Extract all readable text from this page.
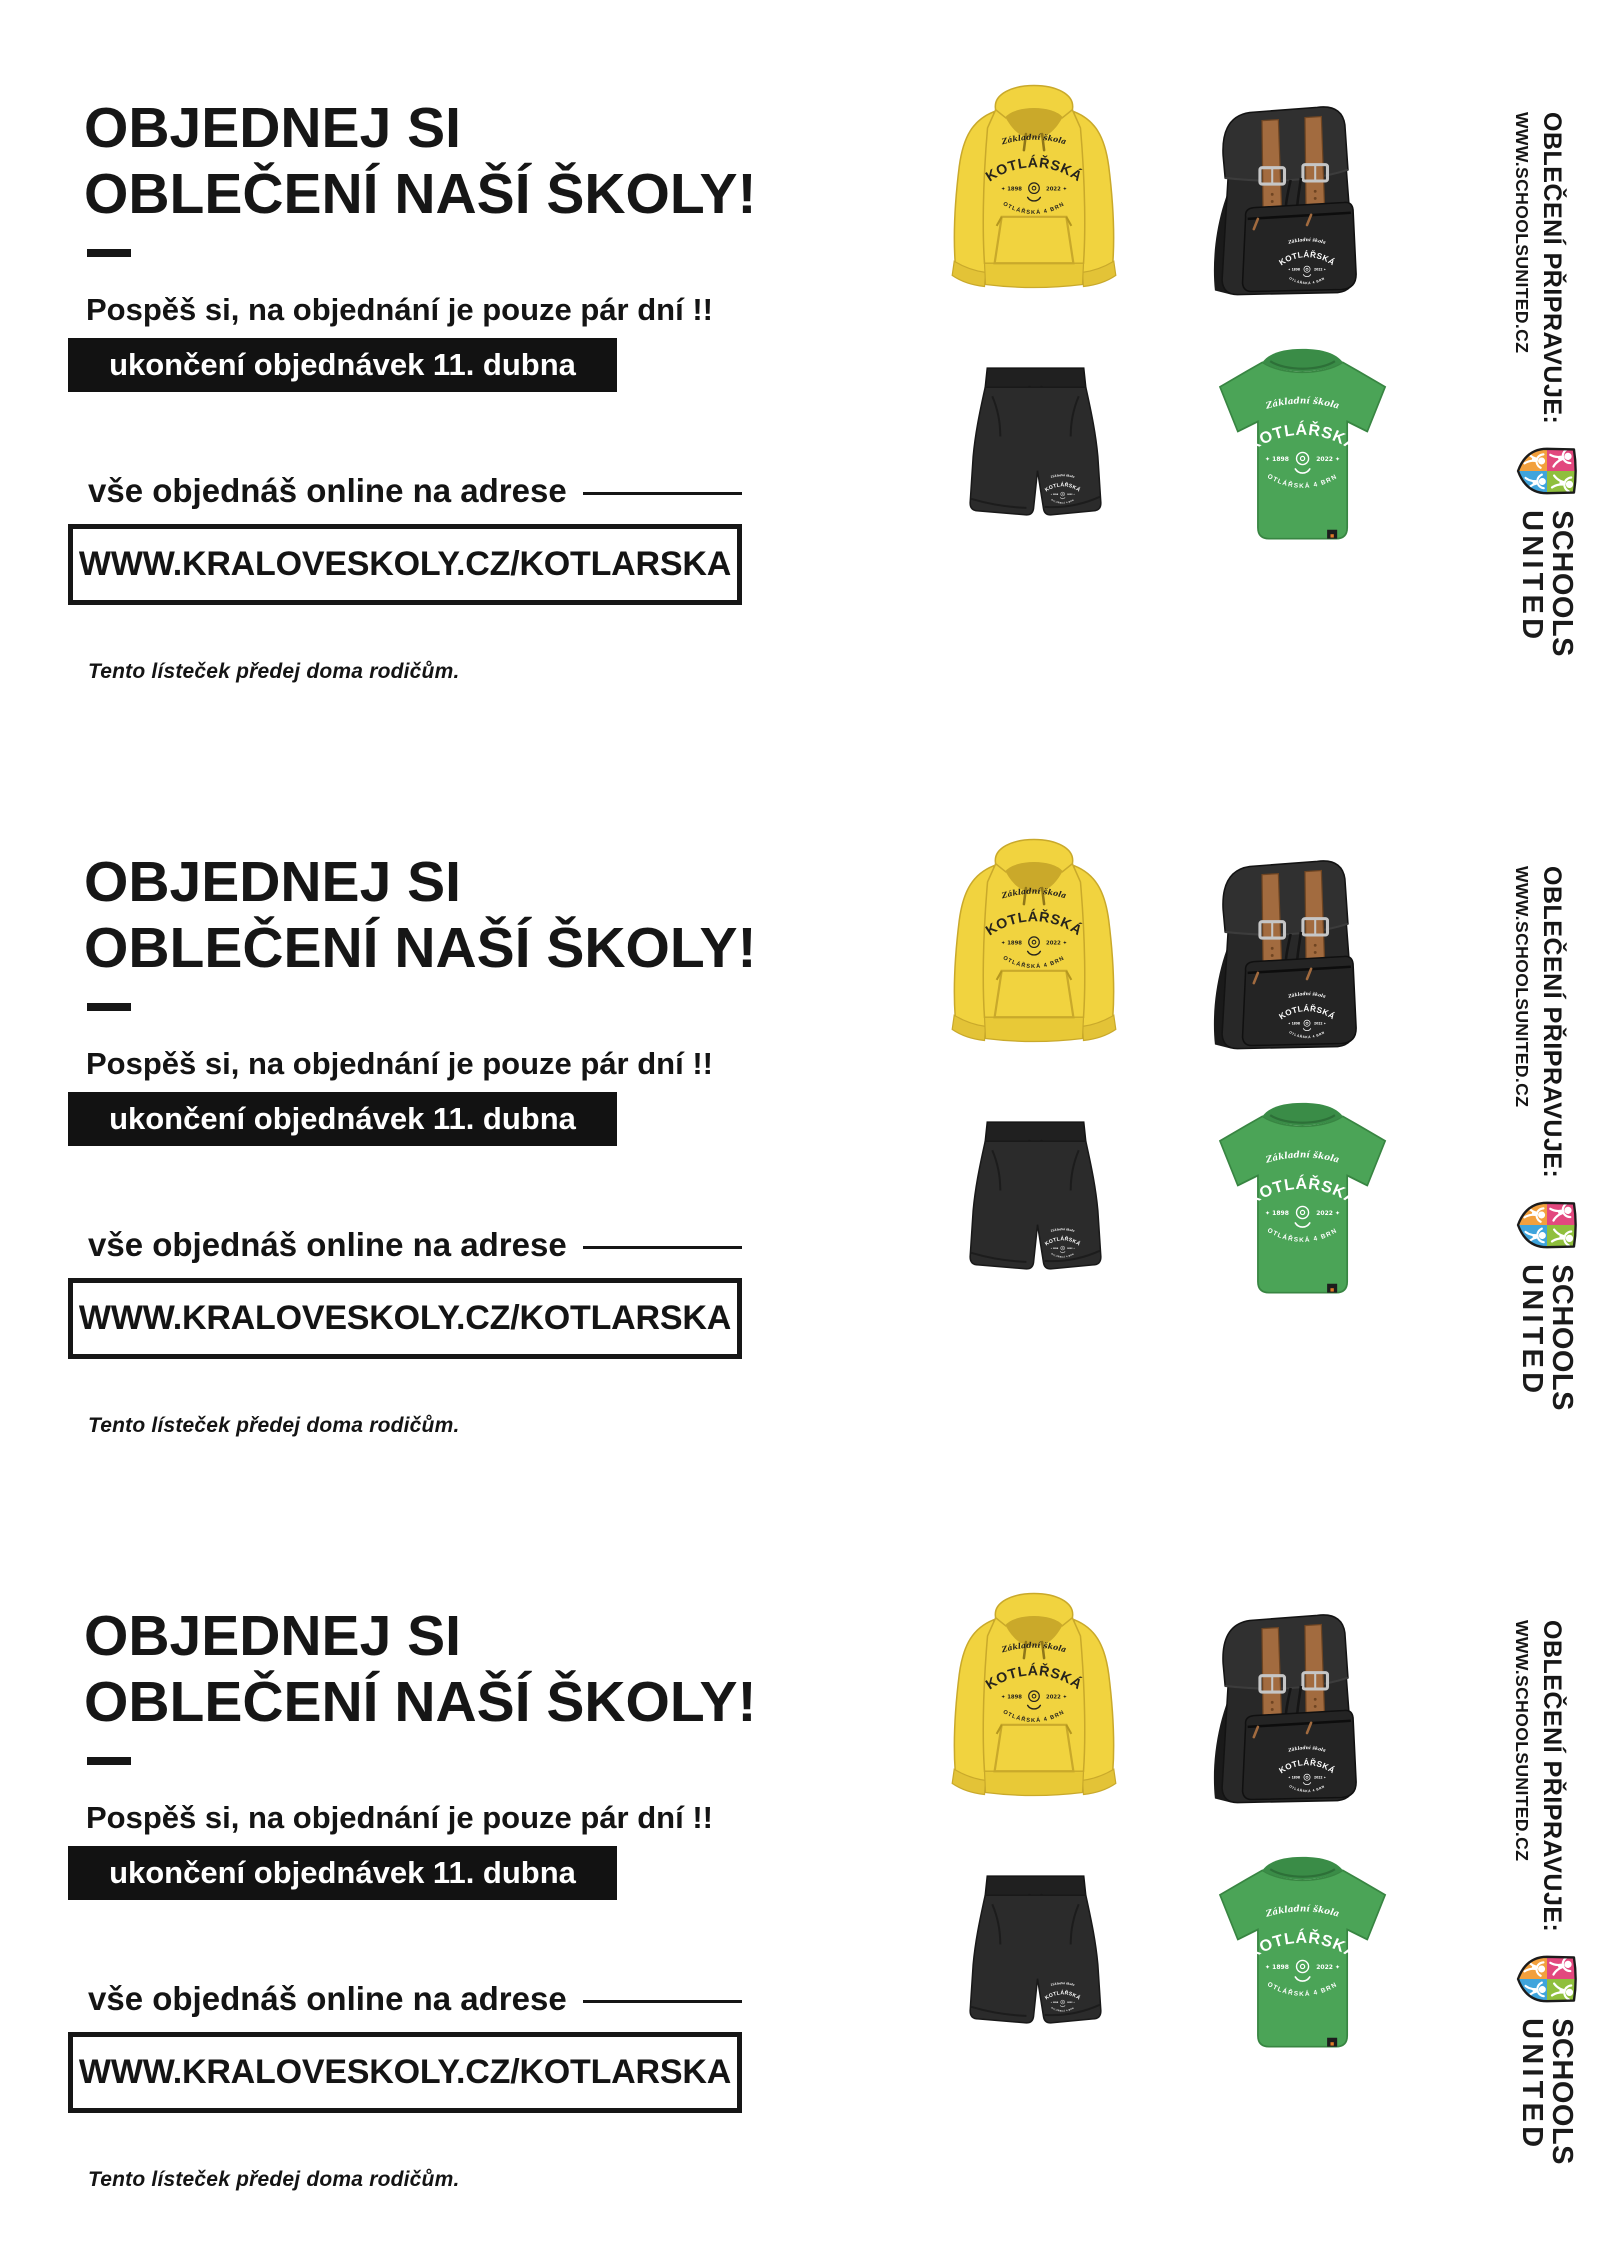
OBJEDNEJ SI
OBLEČENÍ NAŠÍ ŠKOLY!

Pospěš si, na objednání je pouze pár dní !!

ukončení objednávek 11. dubna
vše objednáš online na adrese
WWW.KRALOVESKOLY.CZ/KOTLARSKA

Tento lísteček předej doma rodičům.

OBLEČENÍ PŘIPRAVUJE:
WWW.SCHOOLSUNITED.CZ
SCHOOLS
UNITED
OBJEDNEJ SI
OBLEČENÍ NAŠÍ ŠKOLY!

Pospěš si, na objednání je pouze pár dní !!

ukončení objednávek 11. dubna
vše objednáš online na adrese
WWW.KRALOVESKOLY.CZ/KOTLARSKA

Tento lísteček předej doma rodičům.

OBLEČENÍ PŘIPRAVUJE:
WWW.SCHOOLSUNITED.CZ
SCHOOLS
UNITED
OBJEDNEJ SI
OBLEČENÍ NAŠÍ ŠKOLY!

Pospěš si, na objednání je pouze pár dní !!

ukončení objednávek 11. dubna
vše objednáš online na adrese
WWW.KRALOVESKOLY.CZ/KOTLARSKA

Tento lísteček předej doma rodičům.

OBLEČENÍ PŘIPRAVUJE:
WWW.SCHOOLSUNITED.CZ
SCHOOLS
UNITED
